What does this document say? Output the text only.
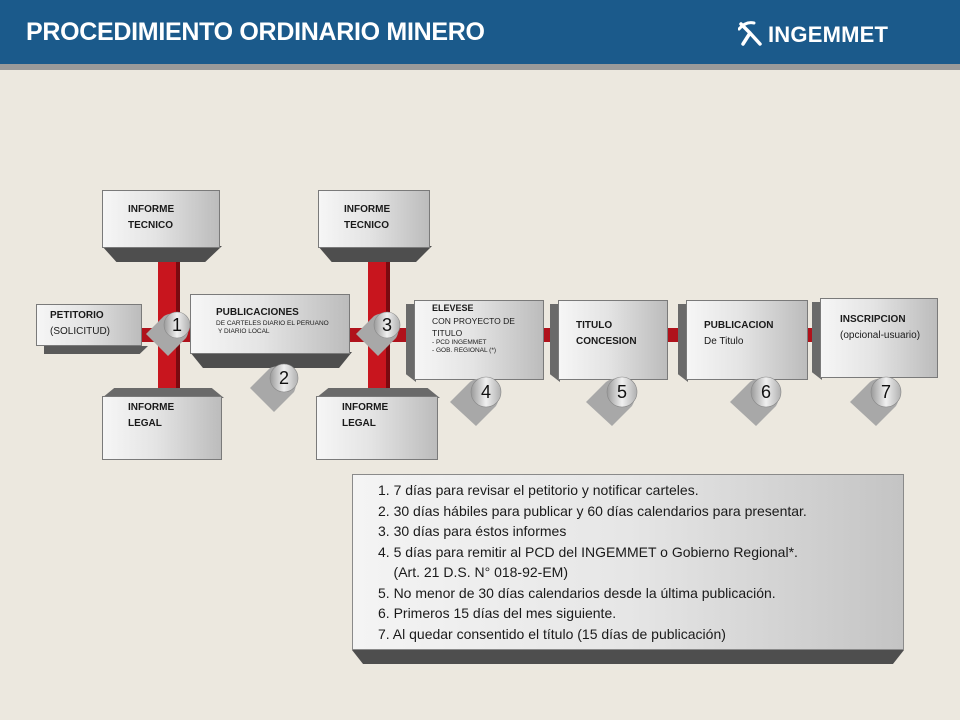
PROCEDIMIENTO ORDINARIO MINERO	INGEMMET
PETITORIO
(SOLICITUD)
INFORME
TECNICO
INFORME
LEGAL
PUBLICACIONES
DE CARTELES DIARIO EL PERUANO
Y DIARIO LOCAL
INFORME
TECNICO
INFORME
LEGAL
ELEVESE
CON PROYECTO DE
TITULO
- PCD INGEMMET
- GOB. REGIONAL (*)
TITULO
CONCESION
PUBLICACION
De Titulo
INSCRIPCION
(opcional-usuario)
1
2
3
4	5	6	7
1. 7 días para revisar el petitorio y notificar carteles.
2. 30 días hábiles para publicar y 60 días calendarios para presentar.
3. 30 días para éstos informes
4. 5 días para remitir al PCD del INGEMMET o Gobierno Regional*.
(Art. 21 D.S. N° 018-92-EM)
5. No menor de 30 días calendarios desde la última publicación.
6. Primeros 15 días del mes siguiente.
7. Al quedar consentido el título (15 días de publicación)
